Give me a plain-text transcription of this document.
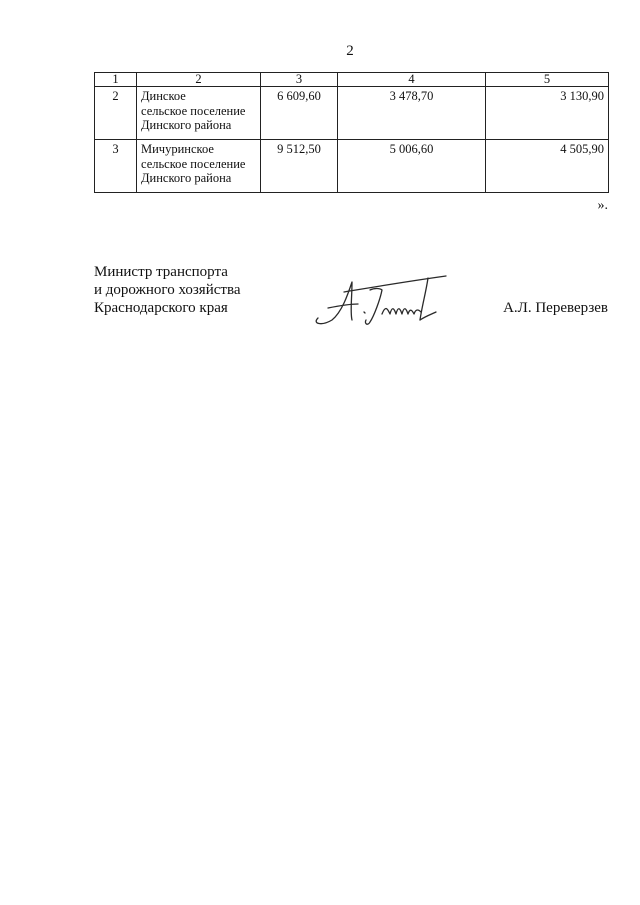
2
1	2	3	4	5
2	Динское
сельское поселение
Динского района	6 609,60	3 478,70	3 130,90
3	Мичуринское
сельское поселение
Динского района	9 512,50	5 006,60	4 505,90
».
Министр транспорта
и дорожного хозяйства
Краснодарского края	А.Л. Переверзев
